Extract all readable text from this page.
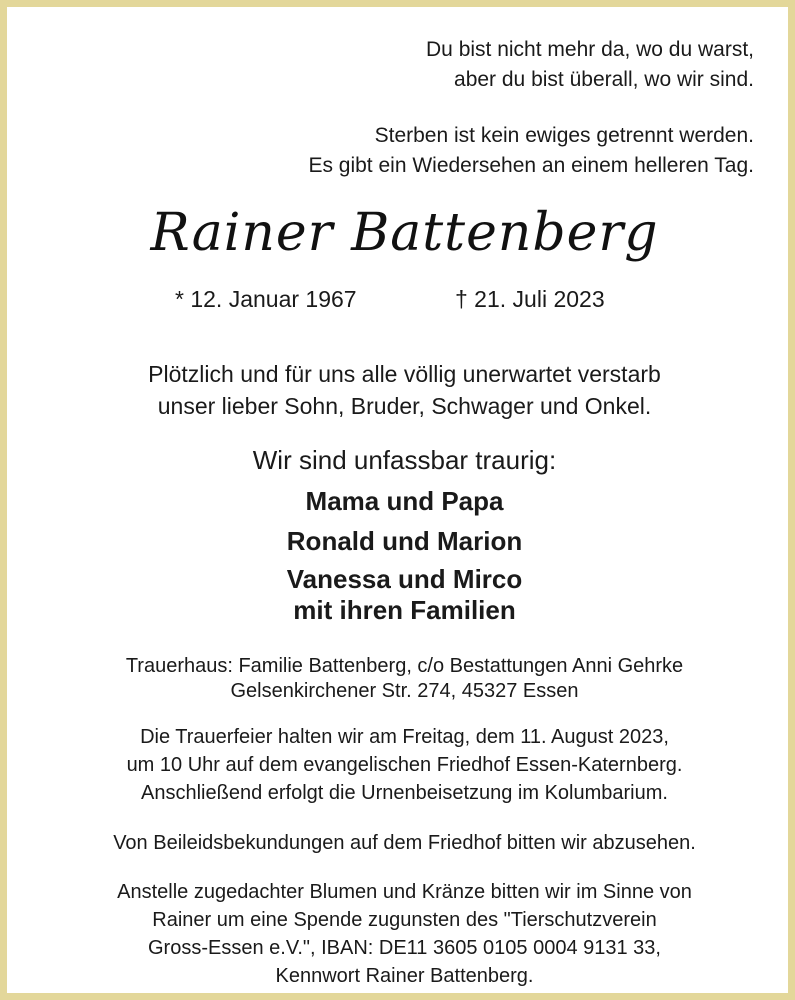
Du bist nicht mehr da, wo du warst,

aber du bist überall, wo wir sind.

Sterben ist kein ewiges getrennt werden.

Es gibt ein Wiedersehen an einem helleren Tag.

Rainer Battenberg
* 12. Januar 1967	† 21. Juli 2023

Plötzlich und für uns alle völlig unerwartet verstarb

unser lieber Sohn, Bruder, Schwager und Onkel.

Wir sind unfassbar traurig:
Mama und Papa
Ronald und Marion

Vanessa und Mirco

mit ihren Familien

Trauerhaus: Familie Battenberg, c/o Bestattungen Anni Gehrke

Gelsenkirchener Str. 274, 45327 Essen

Die Trauerfeier halten wir am Freitag, dem 11. August 2023,

um 10 Uhr auf dem evangelischen Friedhof Essen-Katernberg.

Anschließend erfolgt die Urnenbeisetzung im Kolumbarium.

Von Beileidsbekundungen auf dem Friedhof bitten wir abzusehen.

Anstelle zugedachter Blumen und Kränze bitten wir im Sinne von

Rainer um eine Spende zugunsten des "Tierschutzverein

Gross-Essen e.V.", IBAN: DE11 3605 0105 0004 9131 33,

Kennwort Rainer Battenberg.
